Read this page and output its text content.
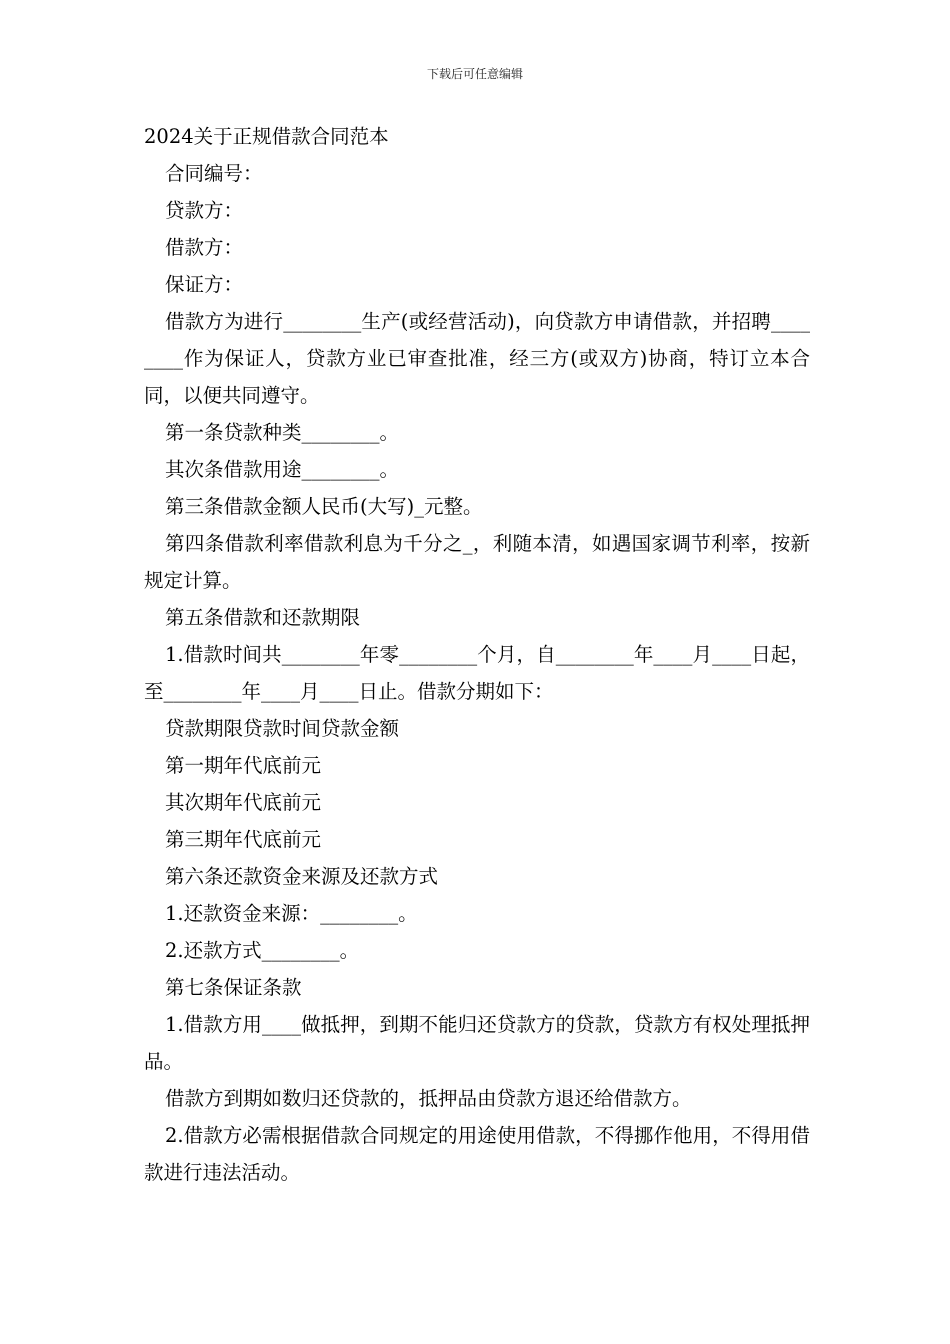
下载后可任意编辑

2024关于正规借款合同范本

合同编号：

贷款方：

借款方：

保证方：

借款方为进行________生产(或经营活动)，向贷款方申请借款，并招聘________作为保证人，贷款方业已审查批准，经三方(或双方)协商，特订立本合同，以便共同遵守。

第一条贷款种类________。

其次条借款用途________。

第三条借款金额人民币(大写)_元整。

第四条借款利率借款利息为千分之_，利随本清，如遇国家调节利率，按新规定计算。

第五条借款和还款期限

1.借款时间共________年零________个月，自________年____月____日起，至________年____月____日止。借款分期如下：

贷款期限贷款时间贷款金额

第一期年代底前元

其次期年代底前元

第三期年代底前元

第六条还款资金来源及还款方式

1.还款资金来源：________。

2.还款方式________。

第七条保证条款

1.借款方用____做抵押，到期不能归还贷款方的贷款，贷款方有权处理抵押品。

借款方到期如数归还贷款的，抵押品由贷款方退还给借款方。

2.借款方必需根据借款合同规定的用途使用借款，不得挪作他用，不得用借款进行违法活动。
